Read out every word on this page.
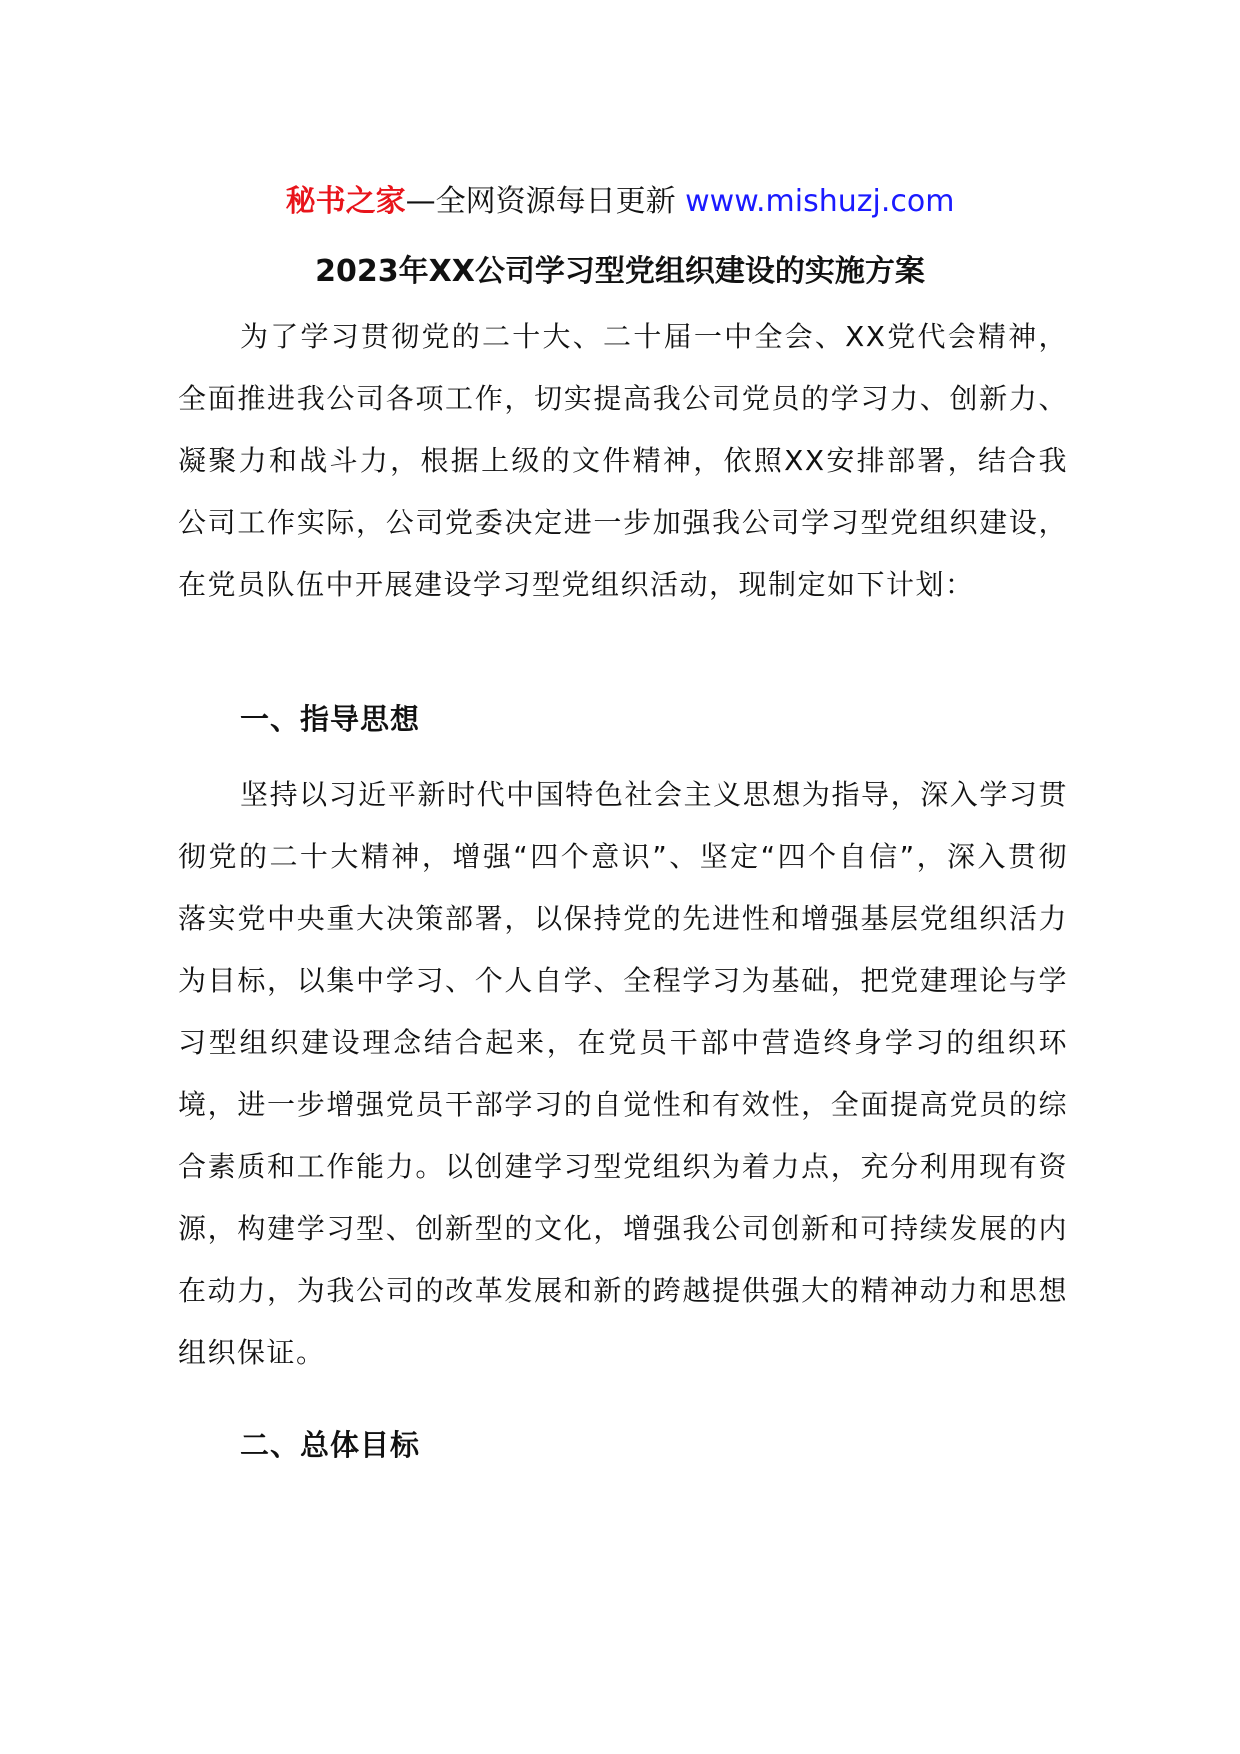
秘书之家—全网资源每日更新 www.mishuzj.com
2023年XX公司学习型党组织建设的实施方案
为了学习贯彻党的二十大、二十届一中全会、XX党代会精神，全面推进我公司各项工作，切实提高我公司党员的学习力、创新力、凝聚力和战斗力，根据上级的文件精神，依照XX安排部署，结合我公司工作实际，公司党委决定进一步加强我公司学习型党组织建设，在党员队伍中开展建设学习型党组织活动，现制定如下计划：
一、指导思想
坚持以习近平新时代中国特色社会主义思想为指导，深入学习贯彻党的二十大精神，增强“四个意识”、坚定“四个自信”，深入贯彻落实党中央重大决策部署，以保持党的先进性和增强基层党组织活力为目标，以集中学习、个人自学、全程学习为基础，把党建理论与学习型组织建设理念结合起来，在党员干部中营造终身学习的组织环境，进一步增强党员干部学习的自觉性和有效性，全面提高党员的综合素质和工作能力。以创建学习型党组织为着力点，充分利用现有资源，构建学习型、创新型的文化，增强我公司创新和可持续发展的内在动力，为我公司的改革发展和新的跨越提供强大的精神动力和思想组织保证。
二、总体目标
